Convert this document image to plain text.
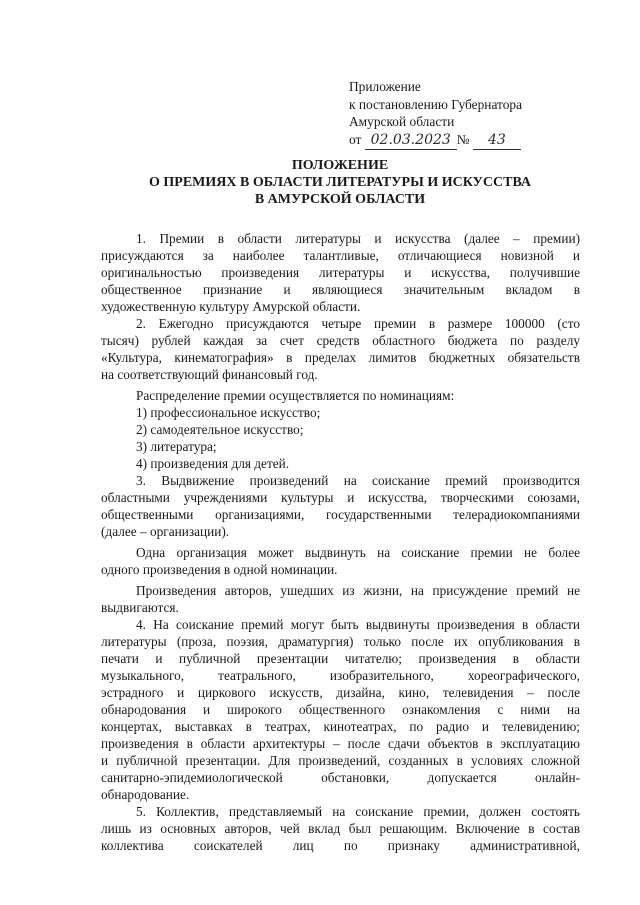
Приложение
к постановлению Губернатора
Амурской области
от 02.03.2023 № 43
ПОЛОЖЕНИЕ
О ПРЕМИЯХ В ОБЛАСТИ ЛИТЕРАТУРЫ И ИСКУССТВА
В АМУРСКОЙ ОБЛАСТИ
1. Премии в области литературы и искусства (далее – премии)
присуждаются за наиболее талантливые, отличающиеся новизной и
оригинальностью произведения литературы и искусства, получившие
общественное признание и являющиеся значительным вкладом в
художественную культуру Амурской области.
2. Ежегодно присуждаются четыре премии в размере 100000 (сто
тысяч) рублей каждая за счет средств областного бюджета по разделу
«Культура, кинематография» в пределах лимитов бюджетных обязательств
на соответствующий финансовый год.
Распределение премии осуществляется по номинациям:
1) профессиональное искусство;
2) самодеятельное искусство;
3) литература;
4) произведения для детей.
3. Выдвижение произведений на соискание премий производится
областными учреждениями культуры и искусства, творческими союзами,
общественными организациями, государственными телерадиокомпаниями
(далее – организации).
Одна организация может выдвинуть на соискание премии не более
одного произведения в одной номинации.
Произведения авторов, ушедших из жизни, на присуждение премий не
выдвигаются.
4. На соискание премий могут быть выдвинуты произведения в области
литературы (проза, поэзия, драматургия) только после их опубликования в
печати и публичной презентации читателю; произведения в области
музыкального, театрального, изобразительного, хореографического,
эстрадного и циркового искусств, дизайна, кино, телевидения – после
обнародования и широкого общественного ознакомления с ними на
концертах, выставках в театрах, кинотеатрах, по радио и телевидению;
произведения в области архитектуры – после сдачи объектов в эксплуатацию
и публичной презентации. Для произведений, созданных в условиях сложной
санитарно-эпидемиологической обстановки, допускается онлайн-
обнародование.
5. Коллектив, представляемый на соискание премии, должен состоять
лишь из основных авторов, чей вклад был решающим. Включение в состав
коллектива соискателей лиц по признаку административной,
